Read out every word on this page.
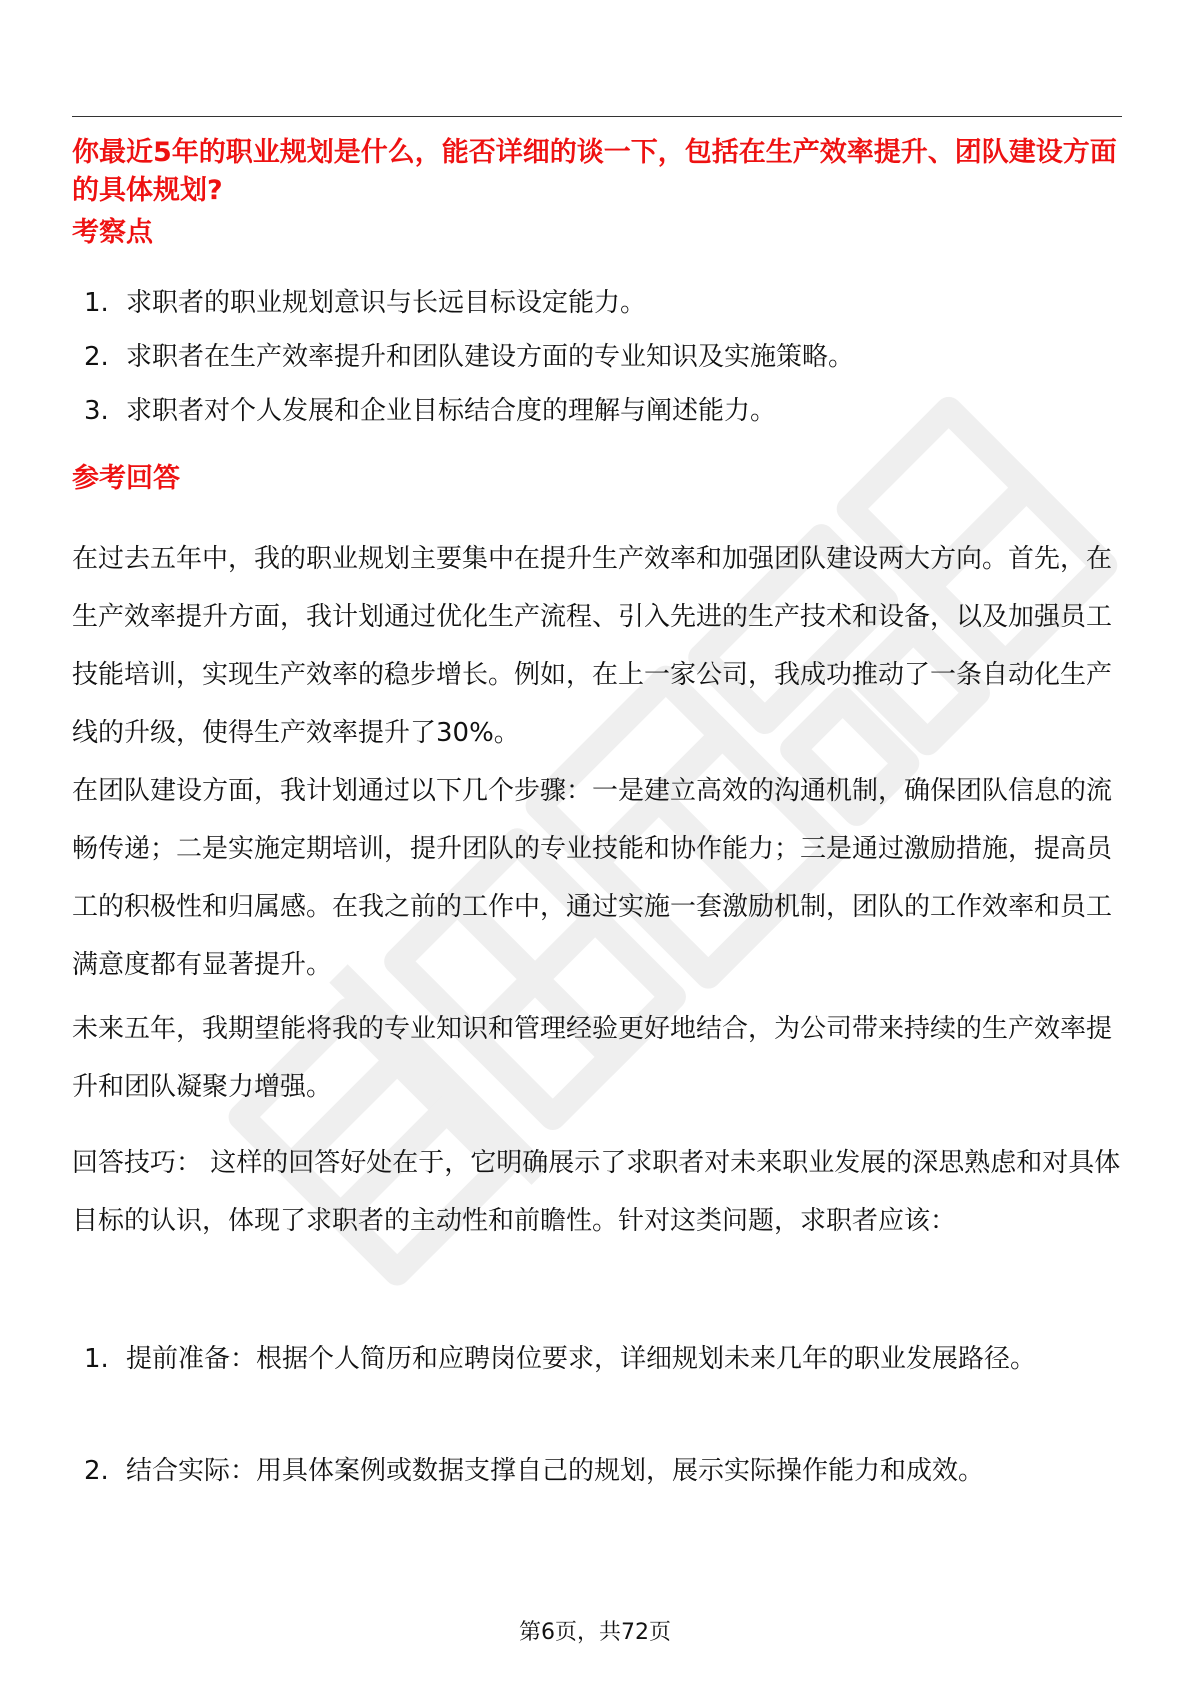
你最近5年的职业规划是什么，能否详细的谈一下，包括在生产效率提升、团队建设方面的具体规划?
考察点
1. 求职者的职业规划意识与长远目标设定能力。
2. 求职者在生产效率提升和团队建设方面的专业知识及实施策略。
3. 求职者对个人发展和企业目标结合度的理解与阐述能力。
参考回答
在过去五年中，我的职业规划主要集中在提升生产效率和加强团队建设两大方向。首先，在生产效率提升方面，我计划通过优化生产流程、引入先进的生产技术和设备，以及加强员工技能培训，实现生产效率的稳步增长。例如，在上一家公司，我成功推动了一条自动化生产线的升级，使得生产效率提升了30%。
在团队建设方面，我计划通过以下几个步骤：一是建立高效的沟通机制，确保团队信息的流畅传递；二是实施定期培训，提升团队的专业技能和协作能力；三是通过激励措施，提高员工的积极性和归属感。在我之前的工作中，通过实施一套激励机制，团队的工作效率和员工满意度都有显著提升。
未来五年，我期望能将我的专业知识和管理经验更好地结合，为公司带来持续的生产效率提升和团队凝聚力增强。
回答技巧： 这样的回答好处在于，它明确展示了求职者对未来职业发展的深思熟虑和对具体目标的认识，体现了求职者的主动性和前瞻性。针对这类问题，求职者应该：
1. 提前准备：根据个人简历和应聘岗位要求，详细规划未来几年的职业发展路径。
2. 结合实际：用具体案例或数据支撑自己的规划，展示实际操作能力和成效。
第6页，共72页
